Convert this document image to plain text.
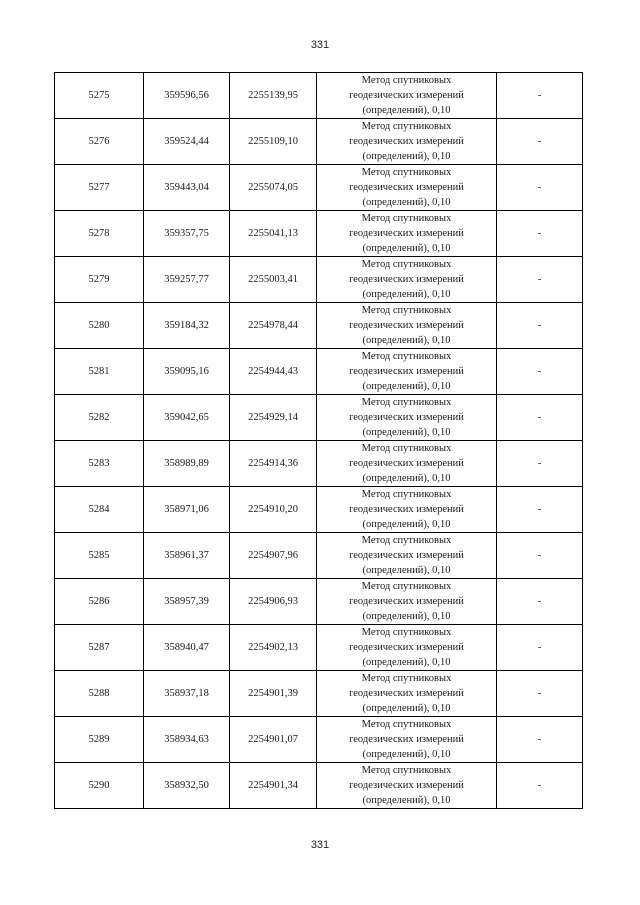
331
5275	359596,56	2255139,95	Метод спутниковых
геодезических измерений
(определений), 0,10	-
5276	359524,44	2255109,10	Метод спутниковых
геодезических измерений
(определений), 0,10	-
5277	359443,04	2255074,05	Метод спутниковых
геодезических измерений
(определений), 0,10	-
5278	359357,75	2255041,13	Метод спутниковых
геодезических измерений
(определений), 0,10	-
5279	359257,77	2255003,41	Метод спутниковых
геодезических измерений
(определений), 0,10	-
5280	359184,32	2254978,44	Метод спутниковых
геодезических измерений
(определений), 0,10	-
5281	359095,16	2254944,43	Метод спутниковых
геодезических измерений
(определений), 0,10	-
5282	359042,65	2254929,14	Метод спутниковых
геодезических измерений
(определений), 0,10	-
5283	358989,89	2254914,36	Метод спутниковых
геодезических измерений
(определений), 0,10	-
5284	358971,06	2254910,20	Метод спутниковых
геодезических измерений
(определений), 0,10	-
5285	358961,37	2254907,96	Метод спутниковых
геодезических измерений
(определений), 0,10	-
5286	358957,39	2254906,93	Метод спутниковых
геодезических измерений
(определений), 0,10	-
5287	358940,47	2254902,13	Метод спутниковых
геодезических измерений
(определений), 0,10	-
5288	358937,18	2254901,39	Метод спутниковых
геодезических измерений
(определений), 0,10	-
5289	358934,63	2254901,07	Метод спутниковых
геодезических измерений
(определений), 0,10	-
5290	358932,50	2254901,34	Метод спутниковых
геодезических измерений
(определений), 0,10	-
331
